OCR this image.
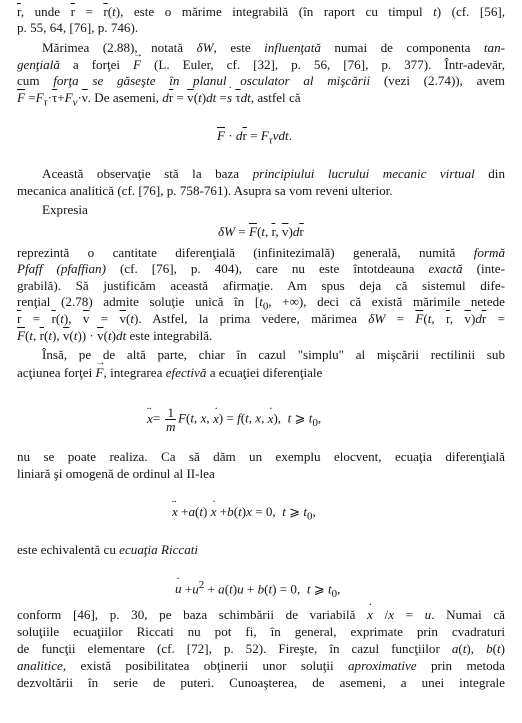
$\overline{r}$, unde $\overline{r} = \overline{r}(t)$, este o mărime integrabilă (în raport cu timpul t) (cf. [56],
p. 55, 64, [76], p. 746).
Mărimea (2.88), notată δW, este influenţată numai de componenta tan-
genţială a forţei → F (L. Euler, cf. [32], p. 56, [76], p. 377). Într-adevăr,
cum forţa se găseşte în planul osculator al mişcării (vezi (2.74)), avem
$\overline{F} =F_\tau\cdot\overline{\tau}+F_\nu\cdot\overline{\nu}$. De asemeni, $d\overline{r} = \overline{v}(t)dt$ =˙ s $\overline{\tau}dt$, astfel că
$\overline{F} \cdot d\overline{r} = F_\tau vdt$.
Această observaţie stă la baza principiului lucrului mecanic virtual din
mecanica analitică (cf. [76], p. 758-761). Asupra sa vom reveni ulterior.
Expresia
$\delta W = \overline{F}(t$, $\overline{r}$, $\overline{v})d\overline{r}$
reprezintă o cantitate diferenţială (infinitezimală) generală, numită formă
Pfaff (pfaffian) (cf. [76], p. 404), care nu este întotdeauna exactă (inte-
grabilă). Să justificăm această afirmaţie. Am spus deja că sistemul dife-
renţial (2.78) admite soluţie unică în [$t_0$, +∞), deci că există mărimile netede
$\overline{r} = \overline{r}(t)$, $\overline{v} = \overline{v}(t)$. Astfel, la prima vedere, mărimea $\delta W = \overline{F}(t$, $\overline{r}$, $\overline{v})d\overline{r}$ =
$\overline{F}(t$, $\overline{r}(t)$, $\overline{v}(t)) \cdot \overline{v}(t)dt$ este integrabilă.
Însă, pe de altă parte, chiar în cazul "simplu" al mişcării rectilinii sub
acţiunea forţei → F, integrarea efectivă a ecuaţiei diferenţiale
¨ $x= \frac{1}{m} F(t$, x, ˙ x) = f(t, x, ˙ x),  t ⩾ $t_0$,
nu se poate realiza. Ca să dăm un exemplu elocvent, ecuaţia diferenţială
liniară şi omogenă de ordinul al II-lea
¨ x +a(t) ˙ x +b(t)x = 0,  t ⩾ $t_0$,
este echivalentă cu ecuaţia Riccati
˙ $u +u^2 + a(t)u + b(t) = 0$,  t ⩾ $t_0$,
conform [46], p. 30, pe baza schimbării de variabilă ˙ x /x = u. Numai că
soluţiile ecuaţiilor Riccati nu pot fi, în general, exprimate prin cvadraturi
de funcţii elementare (cf. [72], p. 52). Fireşte, în cazul funcţiilor a(t), b(t)
analitice, există posibilitatea obţinerii unor soluţii aproximative prin metoda
dezvoltării în serie de puteri. Cunoaşterea, de asemeni, a unei integrale
